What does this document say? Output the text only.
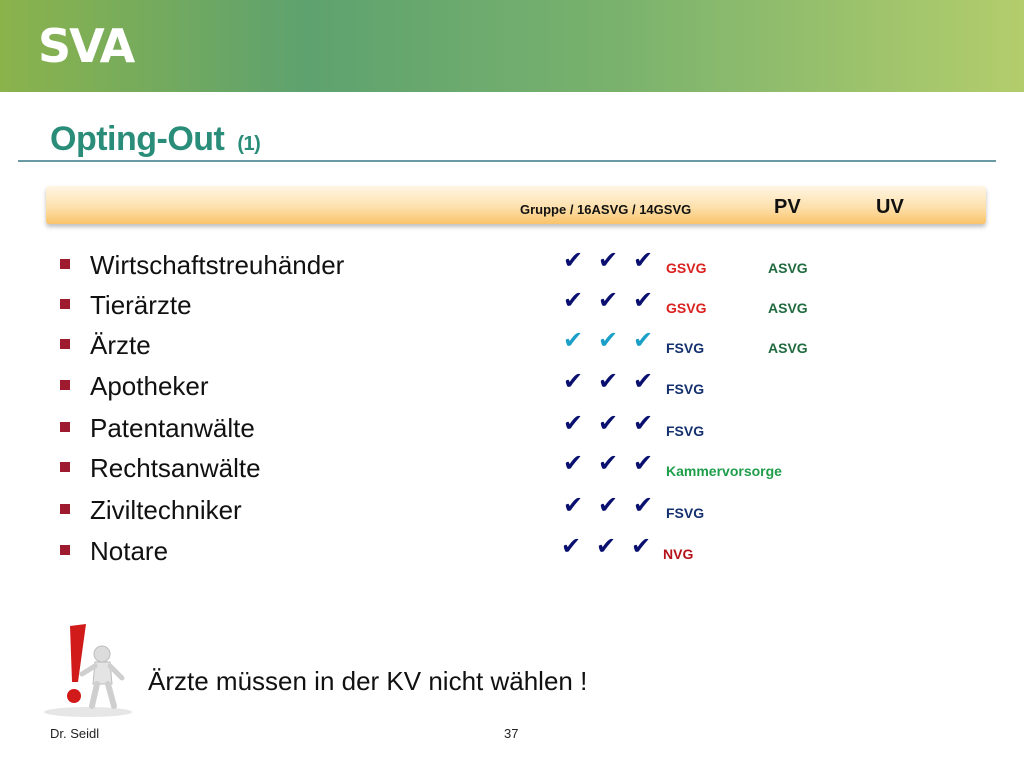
SVA
Opting-Out (1)
Gruppe / 16ASVG / 14GSVG	PV	UV
Wirtschaftstreuhänder	✔ ✔ ✔ GSVG	ASVG
Tierärzte	✔ ✔ ✔ GSVG	ASVG
Ärzte	✔ ✔ ✔ FSVG	ASVG
Apotheker	✔ ✔ ✔ FSVG
Patentanwälte	✔ ✔ ✔ FSVG
Rechtsanwälte	✔ ✔ ✔ Kammervorsorge
Ziviltechniker	✔ ✔ ✔ FSVG
Notare	✔ ✔ ✔ NVG
Ärzte müssen in der KV nicht wählen !
Dr. Seidl	37
